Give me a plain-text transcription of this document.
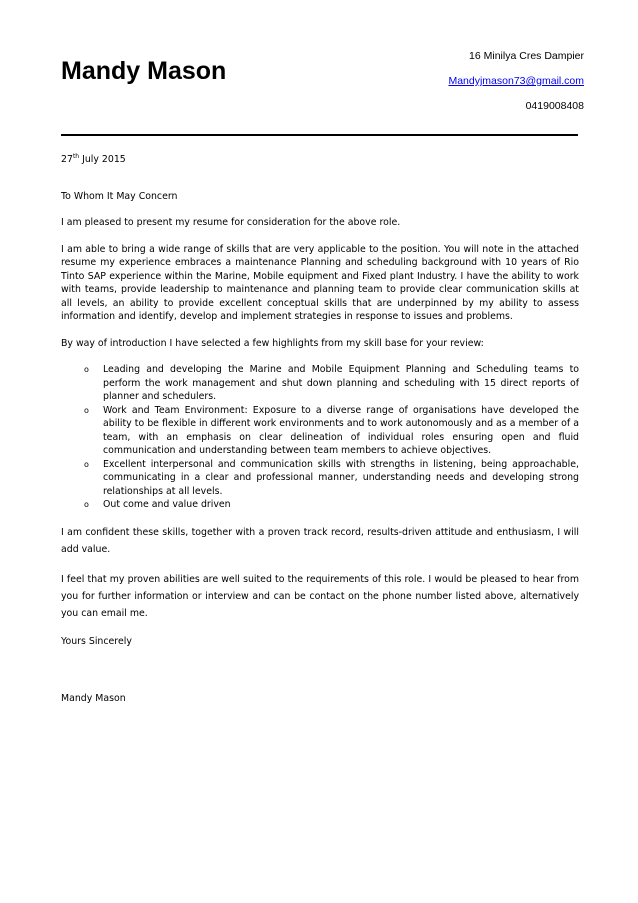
Mandy Mason
16 Minilya Cres Dampier
Mandyjmason73@gmail.com
0419008408

27th July 2015

To Whom It May Concern

I am pleased to present my resume for consideration for the above role.

I am able to bring a wide range of skills that are very applicable to the position. You will note in the attached resume my experience embraces a maintenance Planning and scheduling background with 10 years of Rio Tinto SAP experience within the Marine, Mobile equipment and Fixed plant Industry. I have the ability to work with teams, provide leadership to maintenance and planning team to provide clear communication skills at all levels, an ability to provide excellent conceptual skills that are underpinned by my ability to assess information and identify, develop and implement strategies in response to issues and problems.

By way of introduction I have selected a few highlights from my skill base for your review:

o Leading and developing the Marine and Mobile Equipment Planning and Scheduling teams to perform the work management and shut down planning and scheduling with 15 direct reports of planner and schedulers.
o Work and Team Environment: Exposure to a diverse range of organisations have developed the ability to be flexible in different work environments and to work autonomously and as a member of a team, with an emphasis on clear delineation of individual roles ensuring open and fluid communication and understanding between team members to achieve objectives.
o Excellent interpersonal and communication skills with strengths in listening, being approachable, communicating in a clear and professional manner, understanding needs and developing strong relationships at all levels.
o Out come and value driven

I am confident these skills, together with a proven track record, results-driven attitude and enthusiasm, I will add value.

I feel that my proven abilities are well suited to the requirements of this role. I would be pleased to hear from you for further information or interview and can be contact on the phone number listed above, alternatively you can email me.

Yours Sincerely

Mandy Mason
